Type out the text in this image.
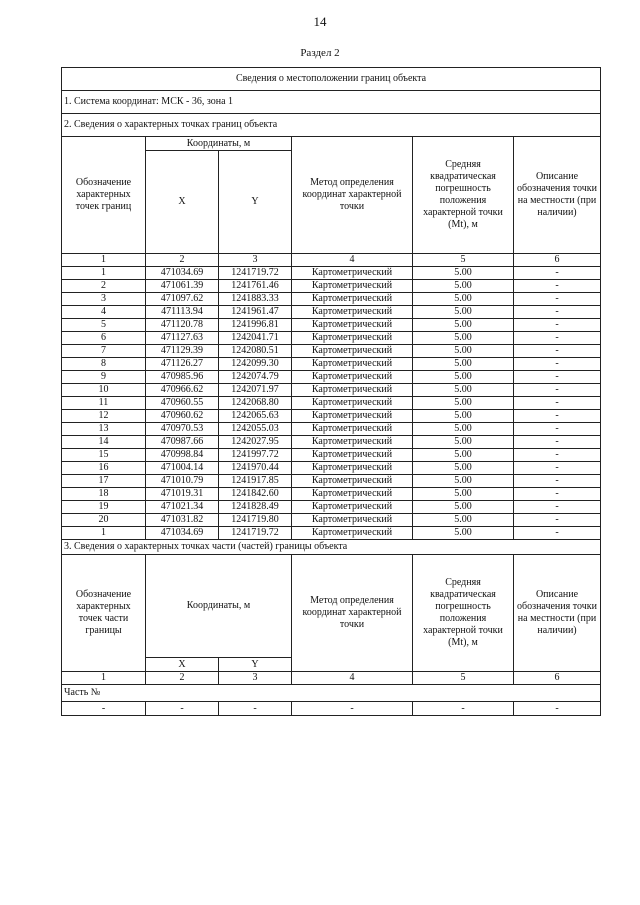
14
Раздел 2
Сведения о местоположении границ объекта					
1. Система координат: МСК - 36, зона 1					
2. Сведения о характерных точках границ объекта					
Обозначение характерных точек границ	Координаты, м		Метод определения координат характерной точки	Средняя квадратическая погрешность положения характерной точки (Mt), м	Описание обозначения точки на местности (при наличии)
	X	Y			
1	2	3	4	5	6
1	471034.69	1241719.72	Картометрический	5.00	-
2	471061.39	1241761.46	Картометрический	5.00	-
3	471097.62	1241883.33	Картометрический	5.00	-
4	471113.94	1241961.47	Картометрический	5.00	-
5	471120.78	1241996.81	Картометрический	5.00	-
6	471127.63	1242041.71	Картометрический	5.00	-
7	471129.39	1242080.51	Картометрический	5.00	-
8	471126.27	1242099.30	Картометрический	5.00	-
9	470985.96	1242074.79	Картометрический	5.00	-
10	470966.62	1242071.97	Картометрический	5.00	-
11	470960.55	1242068.80	Картометрический	5.00	-
12	470960.62	1242065.63	Картометрический	5.00	-
13	470970.53	1242055.03	Картометрический	5.00	-
14	470987.66	1242027.95	Картометрический	5.00	-
15	470998.84	1241997.72	Картометрический	5.00	-
16	471004.14	1241970.44	Картометрический	5.00	-
17	471010.79	1241917.85	Картометрический	5.00	-
18	471019.31	1241842.60	Картометрический	5.00	-
19	471021.34	1241828.49	Картометрический	5.00	-
20	471031.82	1241719.80	Картометрический	5.00	-
1	471034.69	1241719.72	Картометрический	5.00	-
3. Сведения о характерных точках части (частей) границы объекта					
Обозначение характерных точек части границы	Координаты, м		Метод определения координат характерной точки	Средняя квадратическая погрешность положения характерной точки (Mt), м	Описание обозначения точки на местности (при наличии)
	X	Y			
1	2	3	4	5	6
Часть №					
-	-	-	-	-	-
